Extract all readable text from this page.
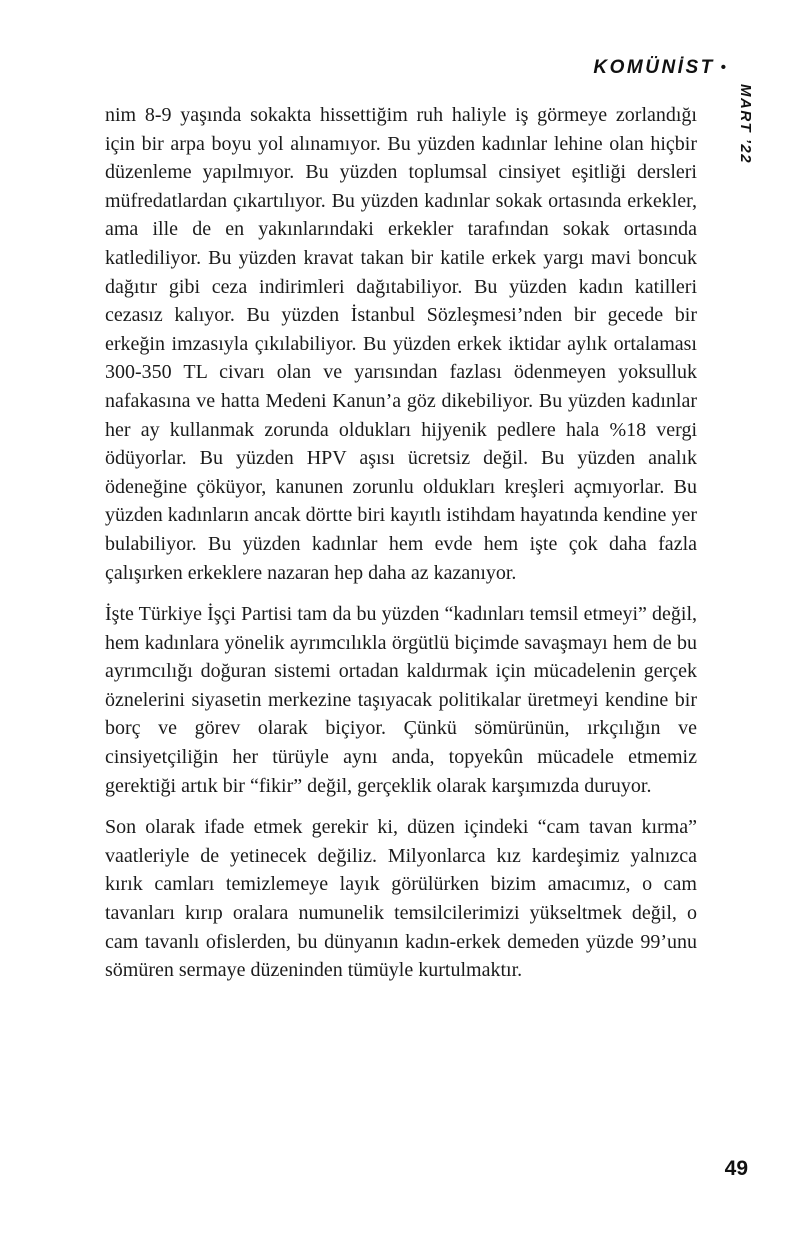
KOMÜNİST •
MART ’22

nim 8-9 yaşında sokakta hissettiğim ruh haliyle iş görmeye zorlandığı için bir arpa boyu yol alınamıyor. Bu yüzden kadınlar lehine olan hiçbir düzenleme yapılmıyor. Bu yüzden toplumsal cinsiyet eşitliği dersleri müfredatlardan çıkartılıyor. Bu yüzden kadınlar sokak ortasında erkekler, ama ille de en yakınlarındaki erkekler tarafından sokak ortasında katlediliyor. Bu yüzden kravat takan bir katile erkek yargı mavi boncuk dağıtır gibi ceza indirimleri dağıtabiliyor. Bu yüzden kadın katilleri cezasız kalıyor. Bu yüzden İstanbul Sözleşmesi’nden bir gecede bir erkeğin imzasıyla çıkılabiliyor. Bu yüzden erkek iktidar aylık ortalaması 300-350 TL civarı olan ve yarısından fazlası ödenmeyen yoksulluk nafakasına ve hatta Medeni Kanun’a göz dikebiliyor. Bu yüzden kadınlar her ay kullanmak zorunda oldukları hijyenik pedlere hala %18 vergi ödüyorlar. Bu yüzden HPV aşısı ücretsiz değil. Bu yüzden analık ödeneğine çöküyor, kanunen zorunlu oldukları kreşleri açmıyorlar. Bu yüzden kadınların ancak dörtte biri kayıtlı istihdam hayatında kendine yer bulabiliyor. Bu yüzden kadınlar hem evde hem işte çok daha fazla çalışırken erkeklere nazaran hep daha az kazanıyor.

İşte Türkiye İşçi Partisi tam da bu yüzden “kadınları temsil etmeyi” değil, hem kadınlara yönelik ayrımcılıkla örgütlü biçimde savaşmayı hem de bu ayrımcılığı doğuran sistemi ortadan kaldırmak için mücadelenin gerçek öznelerini siyasetin merkezine taşıyacak politikalar üretmeyi kendine bir borç ve görev olarak biçiyor. Çünkü sömürünün, ırkçılığın ve cinsiyetçiliğin her türüyle aynı anda, topyekûn mücadele etmemiz gerektiği artık bir “fikir” değil, gerçeklik olarak karşımızda duruyor.

Son olarak ifade etmek gerekir ki, düzen içindeki “cam tavan kırma” vaatleriyle de yetinecek değiliz. Milyonlarca kız kardeşimiz yalnızca kırık camları temizlemeye layık görülürken bizim amacımız, o cam tavanları kırıp oralara numunelik temsilcilerimizi yükseltmek değil, o cam tavanlı ofislerden, bu dünyanın kadın-erkek demeden yüzde 99’unu sömüren sermaye düzeninden tümüyle kurtulmaktır.

49
